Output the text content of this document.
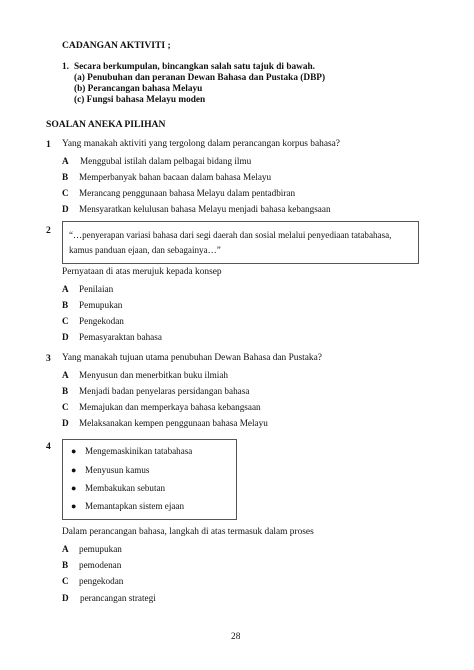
CADANGAN AKTIVITI ;
1. Secara berkumpulan, bincangkan salah satu tajuk di bawah.
(a) Penubuhan dan peranan Dewan Bahasa dan Pustaka (DBP)
(b) Perancangan bahasa Melayu
(c) Fungsi bahasa Melayu moden
SOALAN ANEKA PILIHAN
1 Yang manakah aktiviti yang tergolong dalam perancangan korpus bahasa?
A Menggubal istilah dalam pelbagai bidang ilmu
B Memperbanyak bahan bacaan dalam bahasa Melayu
C Merancang penggunaan bahasa Melayu dalam pentadbiran
D Mensyaratkan kelulusan bahasa Melayu menjadi bahasa kebangsaan
2 “…penyerapan variasi bahasa dari segi daerah dan sosial melalui penyediaan tatabahasa,
kamus panduan ejaan, dan sebagainya…”
Pernyataan di atas merujuk kepada konsep
A Penilaian
B Pemupukan
C Pengekodan
D Pemasyaraktan bahasa
3 Yang manakah tujuan utama penubuhan Dewan Bahasa dan Pustaka?
A Menyusun dan menerbitkan buku ilmiah
B Menjadi badan penyelaras persidangan bahasa
C Memajukan dan memperkaya bahasa kebangsaan
D Melaksanakan kempen penggunaan bahasa Melayu
4 ● Mengemaskinikan tatabahasa
● Menyusun kamus
● Membakukan sebutan
● Memantapkan sistem ejaan
Dalam perancangan bahasa, langkah di atas termasuk dalam proses
A pemupukan
B pemodenan
C pengekodan
D perancangan strategi
28
